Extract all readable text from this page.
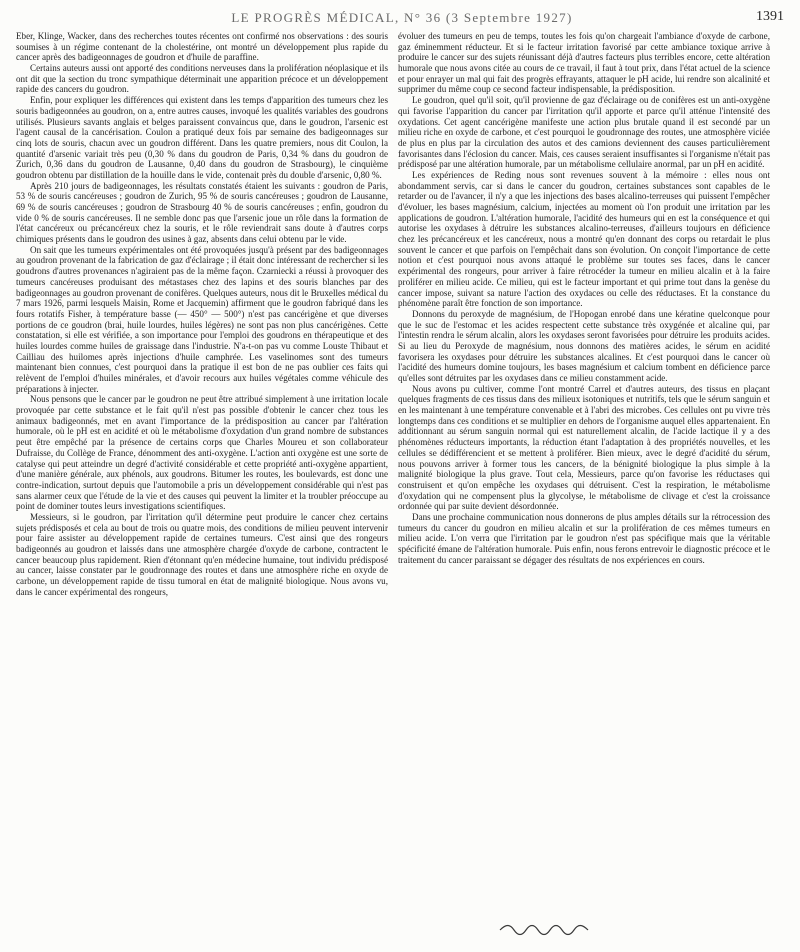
LE PROGRÈS MÉDICAL, N° 36 (3 Septembre 1927)	1391

Eber, Klinge, Wacker, dans des recherches toutes récentes ont confirmé nos observations : des souris soumises à un régime contenant de la cholestérine, ont montré un développement plus rapide du cancer après des badigeonnages de goudron et d'huile de paraffine.

Certains auteurs aussi ont apporté des conditions nerveuses dans la prolifération néoplasique et ils ont dit que la section du tronc sympathique déterminait une apparition précoce et un développement rapide des cancers du goudron.

Enfin, pour expliquer les différences qui existent dans les temps d'apparition des tumeurs chez les souris badigeonnées au goudron, on a, entre autres causes, invoqué les qualités variables des goudrons utilisés. Plusieurs savants anglais et belges paraissent convaincus que, dans le goudron, l'arsenic est l'agent causal de la cancérisation. Coulon a pratiqué deux fois par semaine des badigeonnages sur cinq lots de souris, chacun avec un goudron différent. Dans les quatre premiers, nous dit Coulon, la quantité d'arsenic variait très peu (0,30 % dans du goudron de Paris, 0,34 % dans du goudron de Zurich, 0,36 dans du goudron de Lausanne, 0,40 dans du goudron de Strasbourg), le cinquième goudron obtenu par distillation de la houille dans le vide, contenait près du double d'arsenic, 0,80 %.

Après 210 jours de badigeonnages, les résultats constatés étaient les suivants : goudron de Paris, 53 % de souris cancéreuses ; goudron de Zurich, 95 % de souris cancéreuses ; goudron de Lausanne, 69 % de souris cancéreuses ; goudron de Strasbourg 40 % de souris cancéreuses ; enfin, goudron du vide 0 % de souris cancéreuses. Il ne semble donc pas que l'arsenic joue un rôle dans la formation de l'état cancéreux ou précancéreux chez la souris, et le rôle reviendrait sans doute à d'autres corps chimiques présents dans le goudron des usines à gaz, absents dans celui obtenu par le vide.

On sait que les tumeurs expérimentales ont été provoquées jusqu'à présent par des badigeonnages au goudron provenant de la fabrication de gaz d'éclairage ; il était donc intéressant de rechercher si les goudrons d'autres provenances n'agiraient pas de la même façon. Czarniecki a réussi à provoquer des tumeurs cancéreuses produisant des métastases chez des lapins et des souris blanches par des badigeonnages au goudron provenant de conifères. Quelques auteurs, nous dit le Bruxelles médical du 7 mars 1926, parmi lesquels Maisin, Rome et Jacquemin) affirment que le goudron fabriqué dans les fours rotatifs Fisher, à température basse (— 450° — 500°) n'est pas cancérigène et que diverses portions de ce goudron (brai, huile lourdes, huiles légères) ne sont pas non plus cancérigènes. Cette constatation, si elle est vérifiée, a son importance pour l'emploi des goudrons en thérapeutique et des huiles lourdes comme huiles de graissage dans l'industrie. N'a-t-on pas vu comme Louste Thibaut et Cailliau des huilomes après injections d'huile camphrée. Les vaselinomes sont des tumeurs maintenant bien connues, c'est pourquoi dans la pratique il est bon de ne pas oublier ces faits qui relèvent de l'emploi d'huiles minérales, et d'avoir recours aux huiles végétales comme véhicule des préparations à injecter.

Nous pensons que le cancer par le goudron ne peut être attribué simplement à une irritation locale provoquée par cette substance et le fait qu'il n'est pas possible d'obtenir le cancer chez tous les animaux badigeonnés, met en avant l'importance de la prédisposition au cancer par l'altération humorale, où le pH est en acidité et où le métabolisme d'oxydation d'un grand nombre de substances peut être empêché par la présence de certains corps que Charles Moureu et son collaborateur Dufraisse, du Collège de France, dénomment des anti-oxygène. L'action anti oxygène est une sorte de catalyse qui peut atteindre un degré d'activité considérable et cette propriété anti-oxygène appartient, d'une manière générale, aux phénols, aux goudrons. Bitumer les routes, les boulevards, est donc une contre-indication, surtout depuis que l'automobile a pris un développement considérable qui n'est pas sans alarmer ceux que l'étude de la vie et des causes qui peuvent la limiter et la troubler préoccupe au point de dominer toutes leurs investigations scientifiques.

Messieurs, si le goudron, par l'irritation qu'il détermine peut produire le cancer chez certains sujets prédisposés et cela au bout de trois ou quatre mois, des conditions de milieu peuvent intervenir pour faire assister au développement rapide de certaines tumeurs. C'est ainsi que des rongeurs badigeonnés au goudron et laissés dans une atmosphère chargée d'oxyde de carbone, contractent le cancer beaucoup plus rapidement. Rien d'étonnant qu'en médecine humaine, tout individu prédisposé au cancer, laisse constater par le goudronnage des routes et dans une atmosphère riche en oxyde de carbone, un développement rapide de tissu tumoral en état de malignité biologique. Nous avons vu, dans le cancer expérimental des rongeurs,

évoluer des tumeurs en peu de temps, toutes les fois qu'on chargeait l'ambiance d'oxyde de carbone, gaz éminemment réducteur. Et si le facteur irritation favorisé par cette ambiance toxique arrive à produire le cancer sur des sujets réunissant déjà d'autres facteurs plus terribles encore, cette altération humorale que nous avons citée au cours de ce travail, il faut à tout prix, dans l'état actuel de la science et pour enrayer un mal qui fait des progrès effrayants, attaquer le pH acide, lui rendre son alcalinité et supprimer du même coup ce second facteur indispensable, la prédisposition.

Le goudron, quel qu'il soit, qu'il provienne de gaz d'éclairage ou de conifères est un anti-oxygène qui favorise l'apparition du cancer par l'irritation qu'il apporte et parce qu'il atténue l'intensité des oxydations. Cet agent cancérigène manifeste une action plus brutale quand il est secondé par un milieu riche en oxyde de carbone, et c'est pourquoi le goudronnage des routes, une atmosphère viciée de plus en plus par la circulation des autos et des camions deviennent des causes particulièrement favorisantes dans l'éclosion du cancer. Mais, ces causes seraient insuffisantes si l'organisme n'était pas prédisposé par une altération humorale, par un métabolisme cellulaire anormal, par un pH en acidité.

Les expériences de Reding nous sont revenues souvent à la mémoire : elles nous ont abondamment servis, car si dans le cancer du goudron, certaines substances sont capables de le retarder ou de l'avancer, il n'y a que les injections des bases alcalino-terreuses qui puissent l'empêcher d'évoluer, les bases magnésium, calcium, injectées au moment où l'on produit une irritation par les applications de goudron. L'altération humorale, l'acidité des humeurs qui en est la conséquence et qui autorise les oxydases à détruire les substances alcalino-terreuses, d'ailleurs toujours en déficience chez les précancéreux et les cancéreux, nous a montré qu'en donnant des corps ou retardait le plus souvent le cancer et que parfois on l'empêchait dans son évolution. On conçoit l'importance de cette notion et c'est pourquoi nous avons attaqué le problème sur toutes ses faces, dans le cancer expérimental des rongeurs, pour arriver à faire rétrocéder la tumeur en milieu alcalin et à la faire proliférer en milieu acide. Ce milieu, qui est le facteur important et qui prime tout dans la genèse du cancer impose, suivant sa nature l'action des oxydaces ou celle des réductases. Et la constance du phénomène paraît être fonction de son importance.

Donnons du peroxyde de magnésium, de l'Hopogan enrobé dans une kératine quelconque pour que le suc de l'estomac et les acides respectent cette substance très oxygénée et alcaline qui, par l'intestin rendra le sérum alcalin, alors les oxydases seront favorisées pour détruire les produits acides. Si au lieu du Peroxyde de magnésium, nous donnons des matières acides, le sérum en acidité favorisera les oxydases pour détruire les substances alcalines. Et c'est pourquoi dans le cancer où l'acidité des humeurs domine toujours, les bases magnésium et calcium tombent en déficience parce qu'elles sont détruites par les oxydases dans ce milieu constamment acide.

Nous avons pu cultiver, comme l'ont montré Carrel et d'autres auteurs, des tissus en plaçant quelques fragments de ces tissus dans des milieux isotoniques et nutritifs, tels que le sérum sanguin et en les maintenant à une température convenable et à l'abri des microbes. Ces cellules ont pu vivre très longtemps dans ces conditions et se multiplier en dehors de l'organisme auquel elles appartenaient. En additionnant au sérum sanguin normal qui est naturellement alcalin, de l'acide lactique il y a des phénomènes réducteurs importants, la réduction étant l'adaptation à des propriétés nouvelles, et les cellules se dédifférencient et se mettent à proliférer. Bien mieux, avec le degré d'acidité du sérum, nous pouvons arriver à former tous les cancers, de la bénignité biologique la plus simple à la malignité biologique la plus grave. Tout cela, Messieurs, parce qu'on favorise les réductases qui construisent et qu'on empêche les oxydases qui détruisent. C'est la respiration, le métabolisme d'oxydation qui ne compensent plus la glycolyse, le métabolisme de clivage et c'est la croissance ordonnée qui par suite devient désordonnée.

Dans une prochaine communication nous donnerons de plus amples détails sur la rétrocession des tumeurs du cancer du goudron en milieu alcalin et sur la prolifération de ces mêmes tumeurs en milieu acide. L'on verra que l'irritation par le goudron n'est pas spécifique mais que la véritable spécificité émane de l'altération humorale. Puis enfin, nous ferons entrevoir le diagnostic précoce et le traitement du cancer paraissant se dégager des résultats de nos expériences en cours.
